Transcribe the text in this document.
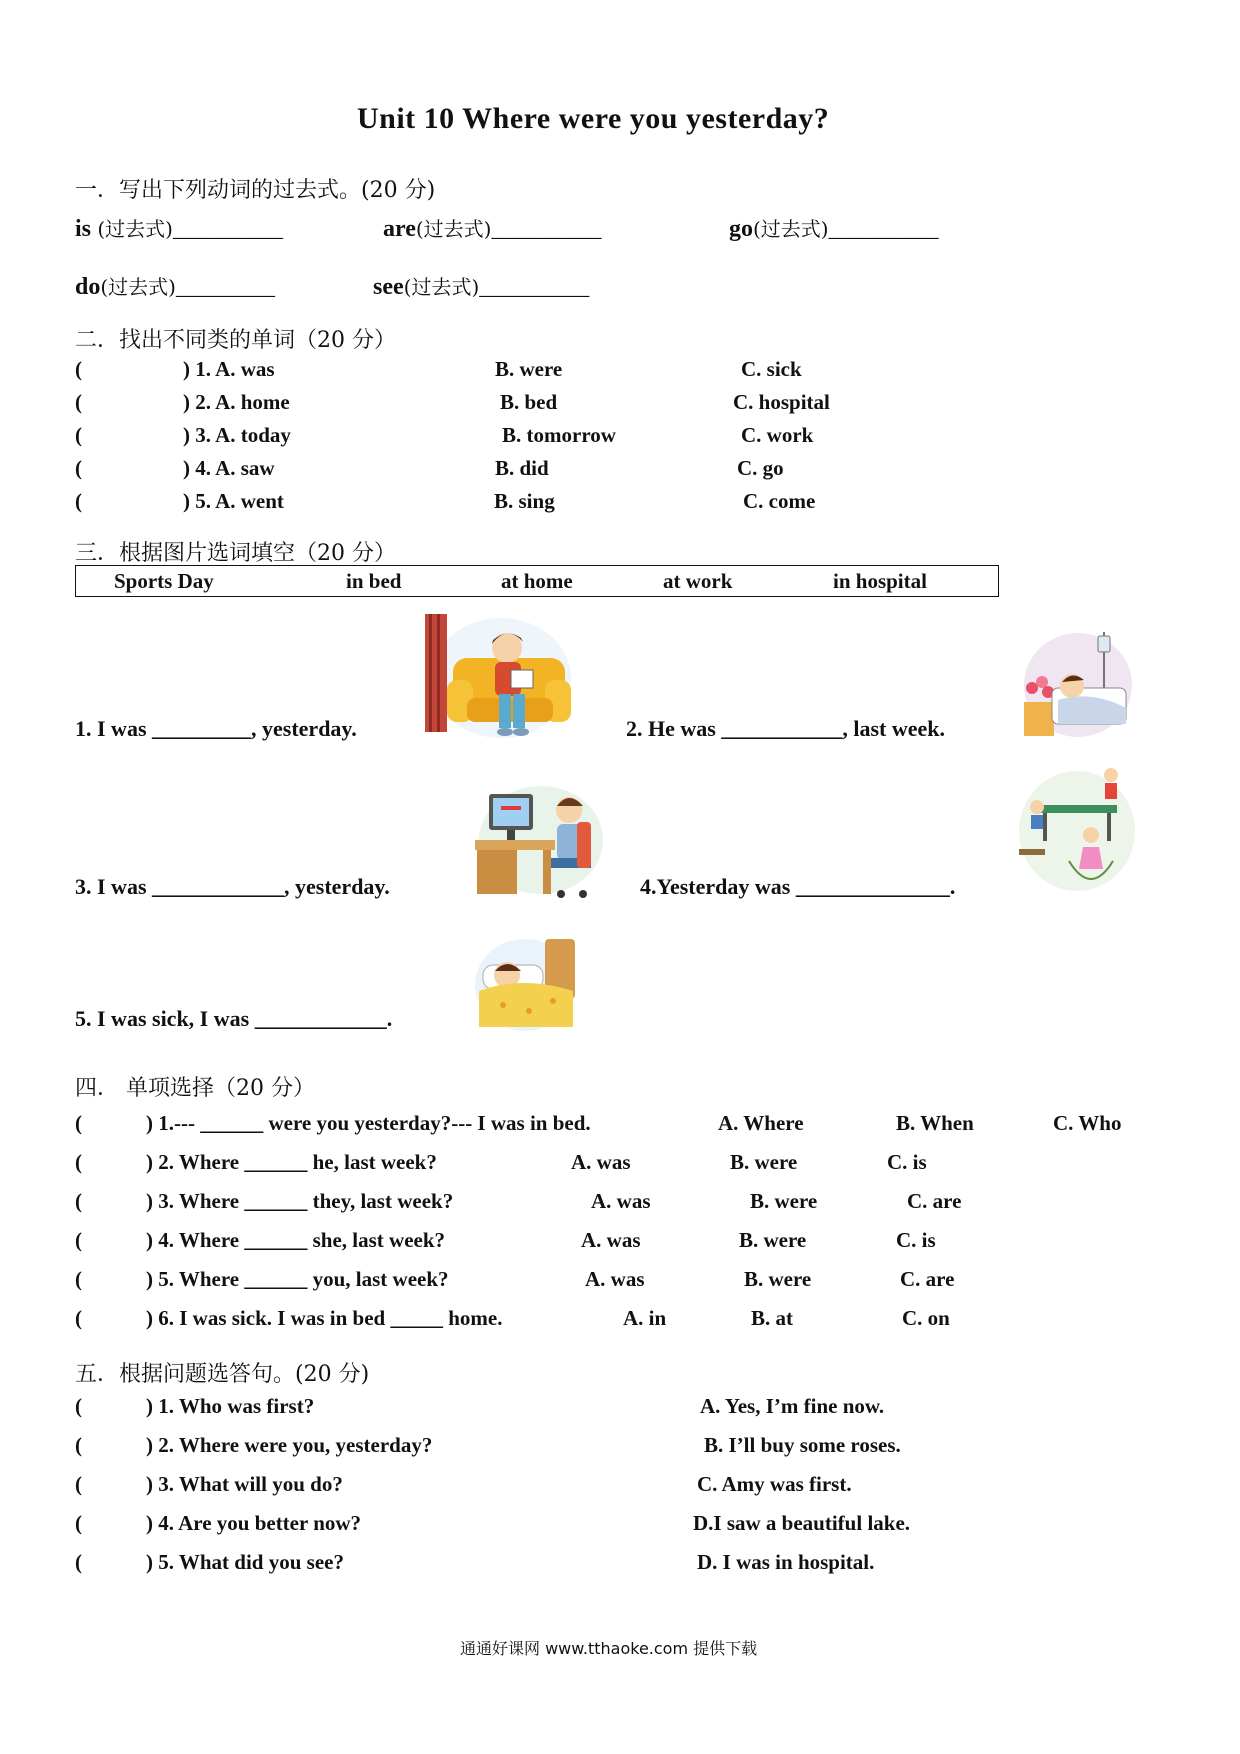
Unit 10 Where were you yesterday?
一．写出下列动词的过去式。(20 分)
is (过去式)__________	are(过去式)__________	go(过去式)__________
do(过去式)_________	see(过去式)__________
二．找出不同类的单词（20 分）
(	) 1. A. was	B. were	C. sick
(	) 2. A. home	B. bed	C. hospital
(	) 3. A. today	B. tomorrow	C. work
(	) 4. A. saw	B. did	C. go
(	) 5. A. went	B. sing	C. come
三．根据图片选词填空（20 分）
Sports Day	in bed	at home	at work	in hospital
1. I was _________, yesterday.	2. He was ___________, last week.
3. I was ____________, yesterday.	4.Yesterday was ______________.
5. I was sick, I was ____________.
四． 单项选择（20 分）
(	) 1.--- ______ were you yesterday?--- I was in bed.	A. Where	B. When	C. Who
(	) 2. Where ______ he, last week?	A. was	B. were	C. is
(	) 3. Where ______ they, last week?	A. was	B. were	C. are
(	) 4. Where ______ she, last week?	A. was	B. were	C. is
(	) 5. Where ______ you, last week?	A. was	B. were	C. are
(	) 6. I was sick. I was in bed _____ home.	A. in	B. at	C. on
五．根据问题选答句。(20 分)
(	) 1. Who was first?	A. Yes, I’m fine now.
(	) 2. Where were you, yesterday?	B. I’ll buy some roses.
(	) 3. What will you do?	C. Amy was first.
(	) 4. Are you better now?	D.I saw a beautiful lake.
(	) 5. What did you see?	D. I was in hospital.
通通好课网 www.tthaoke.com 提供下载
